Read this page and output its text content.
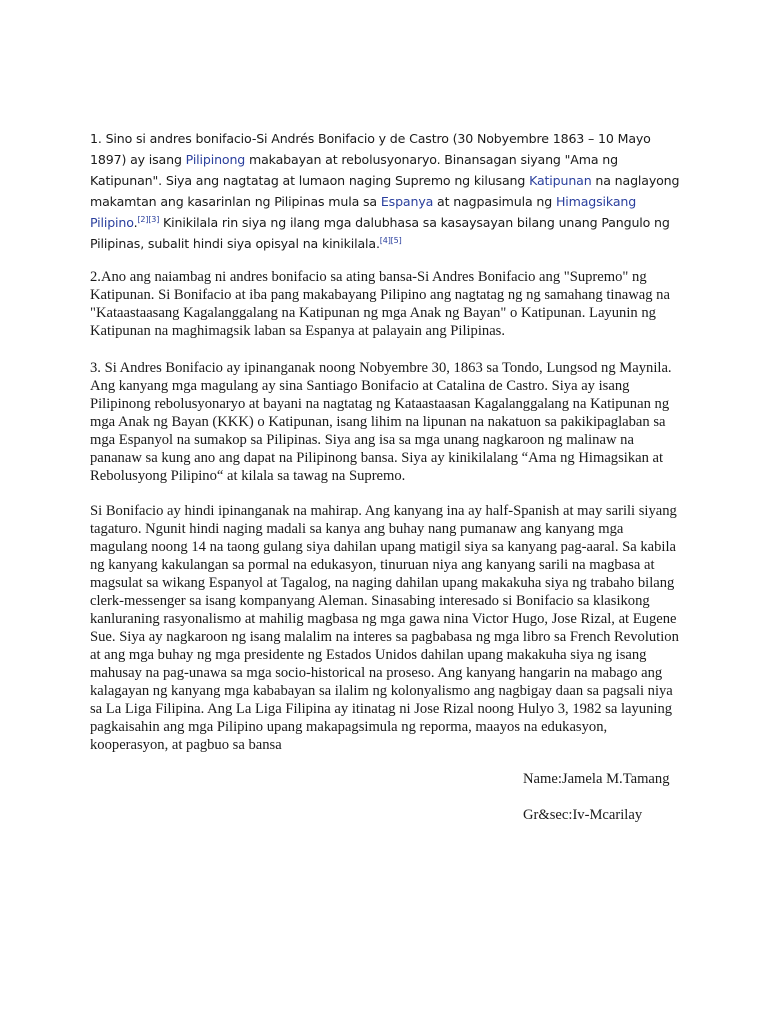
1. Sino si andres bonifacio-Si Andrés Bonifacio y de Castro (30 Nobyembre 1863 – 10 Mayo 1897) ay isang Pilipinong makabayan at rebolusyonaryo. Binansagan siyang "Ama ng Katipunan". Siya ang nagtatag at lumaon naging Supremo ng kilusang Katipunan na naglayong makamtan ang kasarinlan ng Pilipinas mula sa Espanya at nagpasimula ng Himagsikang Pilipino.[2][3] Kinikilala rin siya ng ilang mga dalubhasa sa kasaysayan bilang unang Pangulo ng Pilipinas, subalit hindi siya opisyal na kinikilala.[4][5]

2.Ano ang naiambag ni andres bonifacio sa ating bansa-Si Andres Bonifacio ang "Supremo" ng Katipunan. Si Bonifacio at iba pang makabayang Pilipino ang nagtatag ng ng samahang tinawag na "Kataastaasang Kagalanggalang na Katipunan ng mga Anak ng Bayan" o Katipunan. Layunin ng Katipunan na maghimagsik laban sa Espanya at palayain ang Pilipinas.

3. Si Andres Bonifacio ay ipinanganak noong Nobyembre 30, 1863 sa Tondo, Lungsod ng Maynila. Ang kanyang mga magulang ay sina Santiago Bonifacio at Catalina de Castro. Siya ay isang Pilipinong rebolusyonaryo at bayani na nagtatag ng Kataastaasan Kagalanggalang na Katipunan ng mga Anak ng Bayan (KKK) o Katipunan, isang lihim na lipunan na nakatuon sa pakikipaglaban sa mga Espanyol na sumakop sa Pilipinas. Siya ang isa sa mga unang nagkaroon ng malinaw na pananaw sa kung ano ang dapat na Pilipinong bansa. Siya ay kinikilalang “Ama ng Himagsikan at Rebolusyong Pilipino“ at kilala sa tawag na Supremo.

Si Bonifacio ay hindi ipinanganak na mahirap. Ang kanyang ina ay half-Spanish at may sarili siyang tagaturo. Ngunit hindi naging madali sa kanya ang buhay nang pumanaw ang kanyang mga magulang noong 14 na taong gulang siya dahilan upang matigil siya sa kanyang pag-aaral. Sa kabila ng kanyang kakulangan sa pormal na edukasyon, tinuruan niya ang kanyang sarili na magbasa at magsulat sa wikang Espanyol at Tagalog, na naging dahilan upang makakuha siya ng trabaho bilang clerk-messenger sa isang kompanyang Aleman. Sinasabing interesado si Bonifacio sa klasikong kanluraning rasyonalismo at mahilig magbasa ng mga gawa nina Victor Hugo, Jose Rizal, at Eugene Sue. Siya ay nagkaroon ng isang malalim na interes sa pagbabasa ng mga libro sa French Revolution at ang mga buhay ng mga presidente ng Estados Unidos dahilan upang makakuha siya ng isang mahusay na pag-unawa sa mga socio-historical na proseso. Ang kanyang hangarin na mabago ang kalagayan ng kanyang mga kababayan sa ilalim ng kolonyalismo ang nagbigay daan sa pagsali niya sa La Liga Filipina. Ang La Liga Filipina ay itinatag ni Jose Rizal noong Hulyo 3, 1982 sa layuning pagkaisahin ang mga Pilipino upang makapagsimula ng reporma, maayos na edukasyon, kooperasyon, at pagbuo sa bansa

Name:Jamela M.Tamang

Gr&sec:Iv-Mcarilay
